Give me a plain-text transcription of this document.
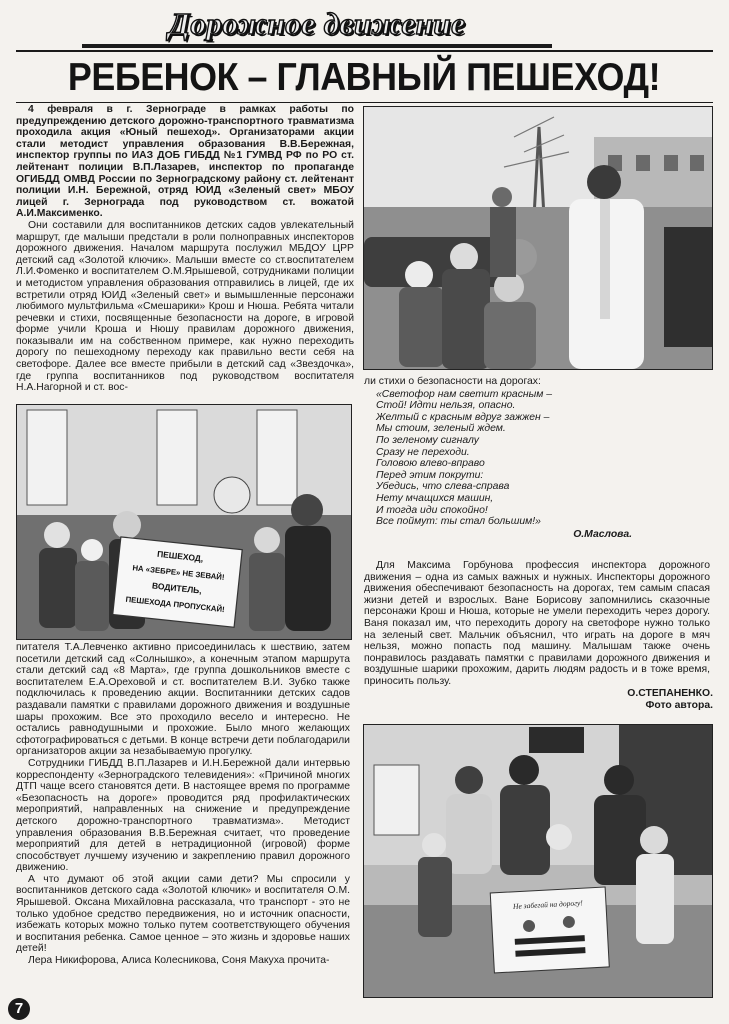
Дорожное движение
РЕБЕНОК – ГЛАВНЫЙ ПЕШЕХОД!

4 февраля в г. Зернограде в рамках работы по предупреждению детского дорожно-транспортного травматизма проходила акция «Юный пешеход». Организаторами акции стали методист управления образования В.В.Бережная, инспектор группы по ИАЗ ДОБ ГИБДД №1 ГУМВД РФ по РО ст. лейтенант полиции В.П.Лазарев, инспектор по пропаганде ОГИБДД ОМВД России по Зерноградскому району ст. лейтенант полиции И.Н. Бережной, отряд ЮИД «Зеленый свет» МБОУ лицей г. Зернограда под руководством ст. вожатой А.И.Максименко.

Они составили для воспитанников детских садов увлекательный маршрут, где малыши предстали в роли полноправных инспекторов дорожного движения. Началом маршрута послужил МБДОУ ЦРР детский сад «Золотой ключик». Малыши вместе со ст.воспитателем Л.И.Фоменко и воспитателем О.М.Ярышевой, сотрудниками полиции и методистом управления образования отправились в лицей, где их встретили отряд ЮИД «Зеленый свет» и вымышленные персонажи любимого мультфильма «Смешарики» Крош и Нюша. Ребята читали речевки и стихи, посвященные безопасности на дороге, в игровой форме учили Кроша и Нюшу правилам дорожного движения, показывали им на собственном примере, как нужно переходить дорогу по пешеходному переходу как правильно вести себя на светофоре. Далее все вместе прибыли в детский сад «Звездочка», где группа воспитанников под руководством воспитателя Н.А.Нагорной и ст. вос-

ПЕШЕХОД,
НА «ЗЕБРЕ» НЕ ЗЕВАЙ!
ВОДИТЕЛЬ,
ПЕШЕХОДА ПРОПУСКАЙ!

ли стихи о безопасности на дорогах:

«Светофор нам светит красным –
Стой! Идти нельзя, опасно.
Желтый с красным вдруг зажжен –
Мы стоим, зеленый ждем.
По зеленому сигналу
Сразу не переходи.
Головою влево-вправо
Перед этим покрути:
Убедись, что слева-справа
Нету мчащихся машин,
И тогда иди спокойно!
Все поймут: ты стал большим!»
О.Маслова.

питателя Т.А.Левченко активно присоединилась к шествию, затем посетили детский сад «Солнышко», а конечным этапом маршрута стали детский сад «8 Марта», где группа дошкольников вместе с воспитателем Е.А.Ореховой и ст. воспитателем В.И. Зубко также подключилась к проведению акции. Воспитанники детских садов раздавали памятки с правилами дорожного движения и воздушные шары прохожим. Все это проходило весело и интересно. Не остались равнодушными и прохожие. Было много желающих сфотографироваться с детьми. В конце встречи дети поблагодарили организаторов акции за незабываемую прогулку.

Сотрудники ГИБДД В.П.Лазарев и И.Н.Бережной дали интервью корреспонденту «Зерноградского телевидения»: «Причиной многих ДТП чаще всего становятся дети. В настоящее время по программе «Безопасность на дороге» проводится ряд профилактических мероприятий, направленных на снижение и предупреждение детского дорожно-транспортного травматизма». Методист управления образования В.В.Бережная считает, что проведение мероприятий для детей в нетрадиционной (игровой) форме способствует лучшему изучению и закреплению правил дорожного движению.

А что думают об этой акции сами дети? Мы спросили у воспитанников детского сада «Золотой ключик» и воспитателя О.М. Ярышевой. Оксана Михайловна рассказала, что транспорт - это не только удобное средство передвижения, но и источник опасности, избежать которых можно только путем соответствующего обучения и воспитания ребенка. Самое ценное – это жизнь и здоровье наших детей!

Лера Никифорова, Алиса Колесникова, Соня Макуха прочита-

Для Максима Горбунова профессия инспектора дорожного движения – одна из самых важных и нужных. Инспекторы дорожного движения обеспечивают безопасность на дорогах, тем самым спасая жизни детей и взрослых. Ване Борисову запомнились сказочные персонажи Крош и Нюша, которые не умели переходить через дорогу. Ваня показал им, что переходить дорогу на светофоре нужно только на зеленый свет. Мальчик объяснил, что играть на дороге в мяч нельзя, можно попасть под машину. Малышам также очень понравилось раздавать памятки с правилами дорожного движения и воздушные шарики прохожим, дарить людям радость и в тоже время, приносить пользу.

О.СТЕПАНЕНКО.
Фото автора.
Не забегай на дорогу!
7
